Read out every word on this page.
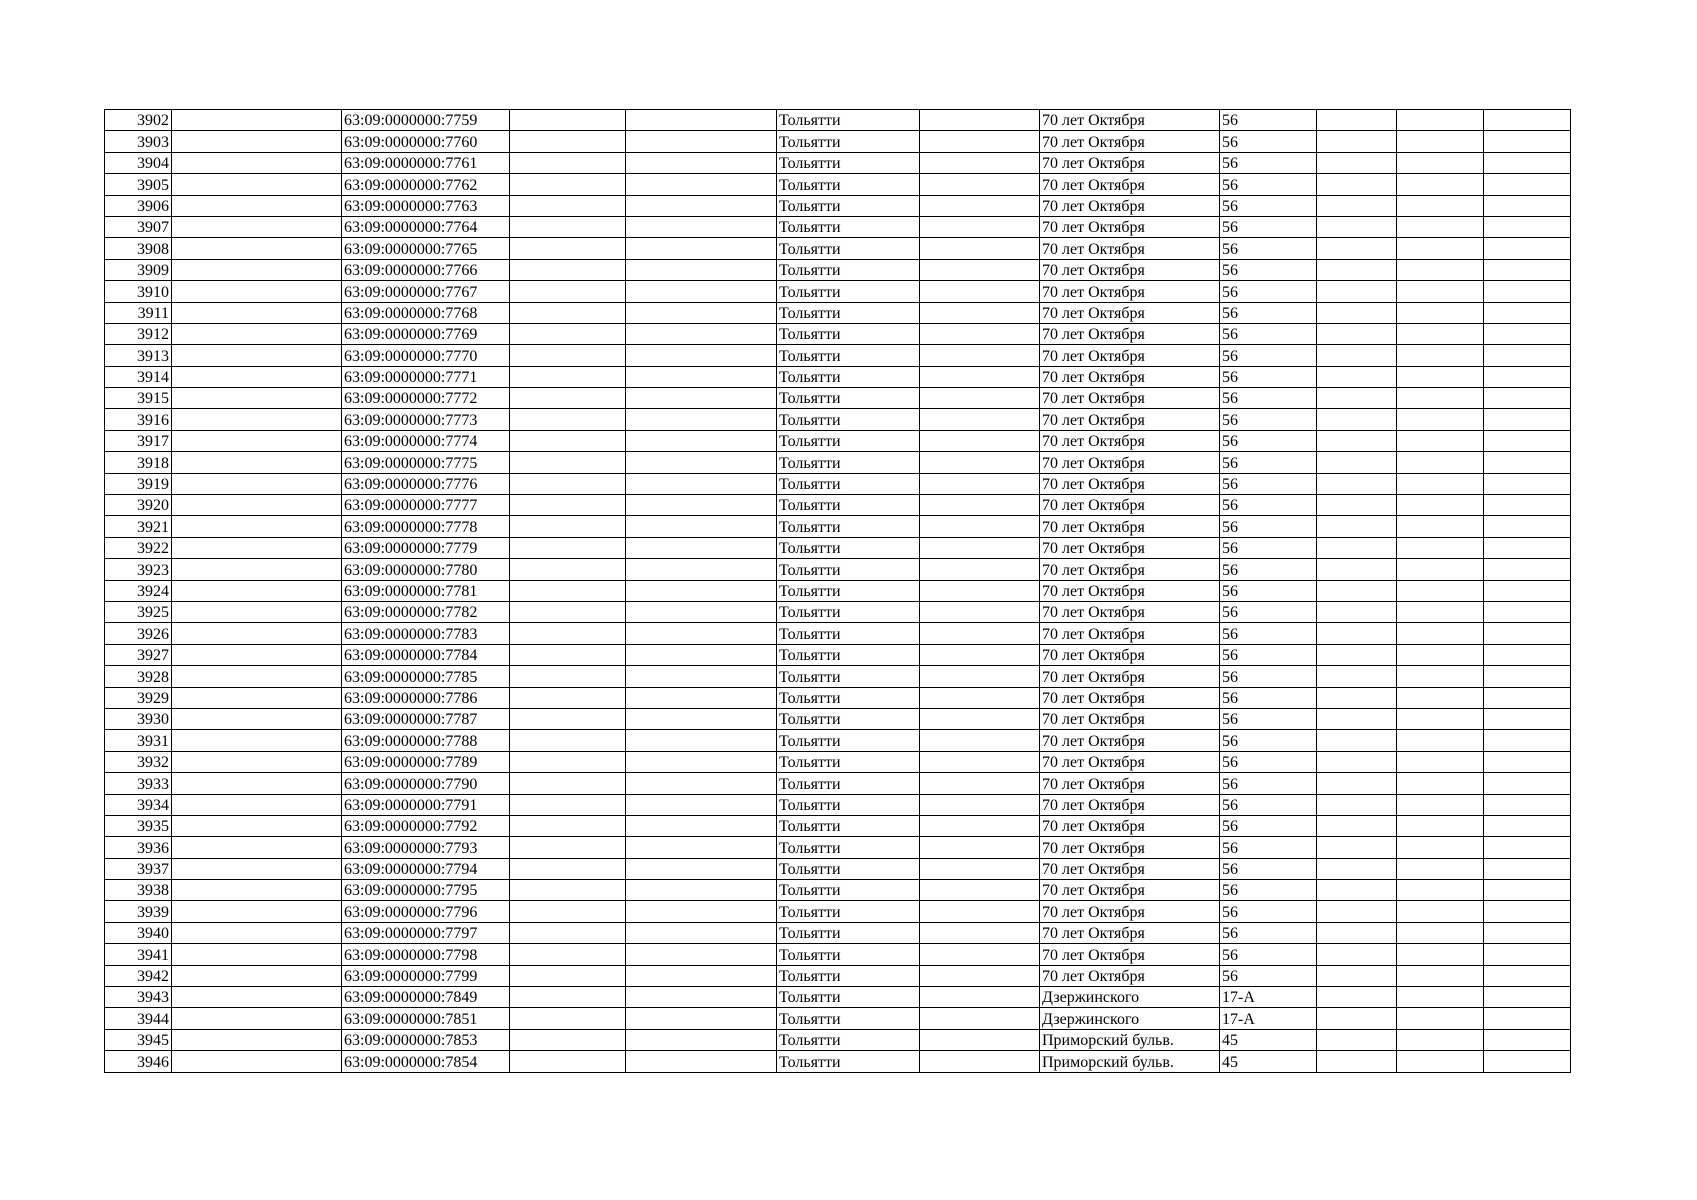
3902		63:09:0000000:7759			Тольятти		70 лет Октября	56			
3903		63:09:0000000:7760			Тольятти		70 лет Октября	56			
3904		63:09:0000000:7761			Тольятти		70 лет Октября	56			
3905		63:09:0000000:7762			Тольятти		70 лет Октября	56			
3906		63:09:0000000:7763			Тольятти		70 лет Октября	56			
3907		63:09:0000000:7764			Тольятти		70 лет Октября	56			
3908		63:09:0000000:7765			Тольятти		70 лет Октября	56			
3909		63:09:0000000:7766			Тольятти		70 лет Октября	56			
3910		63:09:0000000:7767			Тольятти		70 лет Октября	56			
3911		63:09:0000000:7768			Тольятти		70 лет Октября	56			
3912		63:09:0000000:7769			Тольятти		70 лет Октября	56			
3913		63:09:0000000:7770			Тольятти		70 лет Октября	56			
3914		63:09:0000000:7771			Тольятти		70 лет Октября	56			
3915		63:09:0000000:7772			Тольятти		70 лет Октября	56			
3916		63:09:0000000:7773			Тольятти		70 лет Октября	56			
3917		63:09:0000000:7774			Тольятти		70 лет Октября	56			
3918		63:09:0000000:7775			Тольятти		70 лет Октября	56			
3919		63:09:0000000:7776			Тольятти		70 лет Октября	56			
3920		63:09:0000000:7777			Тольятти		70 лет Октября	56			
3921		63:09:0000000:7778			Тольятти		70 лет Октября	56			
3922		63:09:0000000:7779			Тольятти		70 лет Октября	56			
3923		63:09:0000000:7780			Тольятти		70 лет Октября	56			
3924		63:09:0000000:7781			Тольятти		70 лет Октября	56			
3925		63:09:0000000:7782			Тольятти		70 лет Октября	56			
3926		63:09:0000000:7783			Тольятти		70 лет Октября	56			
3927		63:09:0000000:7784			Тольятти		70 лет Октября	56			
3928		63:09:0000000:7785			Тольятти		70 лет Октября	56			
3929		63:09:0000000:7786			Тольятти		70 лет Октября	56			
3930		63:09:0000000:7787			Тольятти		70 лет Октября	56			
3931		63:09:0000000:7788			Тольятти		70 лет Октября	56			
3932		63:09:0000000:7789			Тольятти		70 лет Октября	56			
3933		63:09:0000000:7790			Тольятти		70 лет Октября	56			
3934		63:09:0000000:7791			Тольятти		70 лет Октября	56			
3935		63:09:0000000:7792			Тольятти		70 лет Октября	56			
3936		63:09:0000000:7793			Тольятти		70 лет Октября	56			
3937		63:09:0000000:7794			Тольятти		70 лет Октября	56			
3938		63:09:0000000:7795			Тольятти		70 лет Октября	56			
3939		63:09:0000000:7796			Тольятти		70 лет Октября	56			
3940		63:09:0000000:7797			Тольятти		70 лет Октября	56			
3941		63:09:0000000:7798			Тольятти		70 лет Октября	56			
3942		63:09:0000000:7799			Тольятти		70 лет Октября	56			
3943		63:09:0000000:7849			Тольятти		Дзержинского	17-А			
3944		63:09:0000000:7851			Тольятти		Дзержинского	17-А			
3945		63:09:0000000:7853			Тольятти		Приморский бульв.	45			
3946		63:09:0000000:7854			Тольятти		Приморский бульв.	45			
